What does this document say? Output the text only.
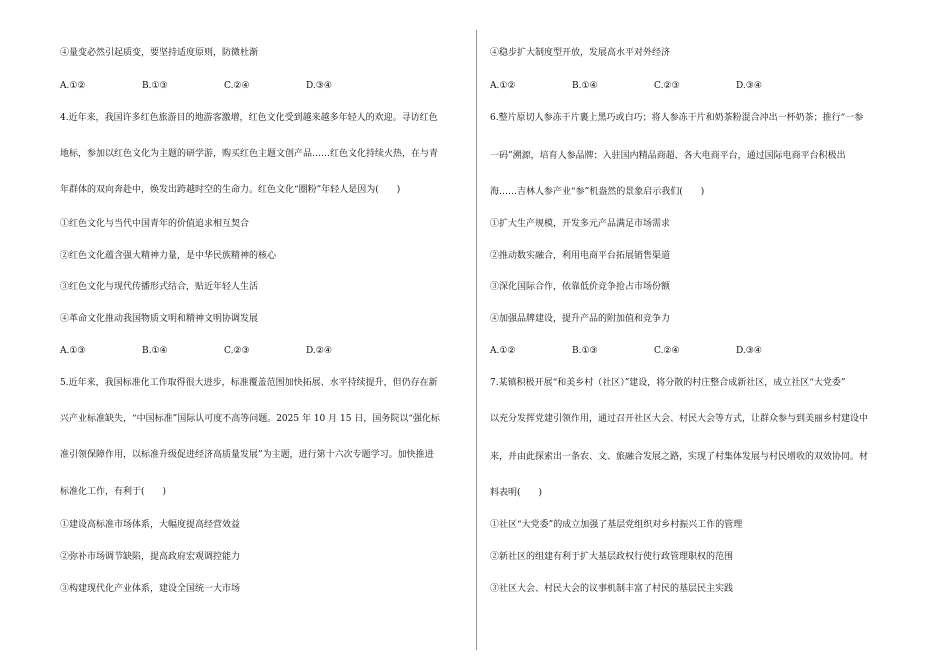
④量变必然引起质变，要坚持适度原则，防微杜渐
A.①②	B.①③	C.②④	D.③④
4.近年来，我国许多红色旅游目的地游客激增，红色文化受到越来越多年轻人的欢迎。寻访红色
地标，参加以红色文化为主题的研学游，购买红色主题文创产品……红色文化持续火热，在与青
年群体的双向奔赴中，焕发出跨越时空的生命力。红色文化“圈粉”年轻人是因为(　　)
①红色文化与当代中国青年的价值追求相互契合
②红色文化蕴含强大精神力量，是中华民族精神的核心
③红色文化与现代传播形式结合，贴近年轻人生活
④革命文化推动我国物质文明和精神文明协调发展
A.①③	B.①④	C.②③	D.②④
5.近年来，我国标准化工作取得很大进步，标准覆盖范围加快拓展、水平持续提升，但仍存在新
兴产业标准缺失，“中国标准”国际认可度不高等问题。2025 年 10 月 15 日，国务院以“强化标
准引领保障作用，以标准升级促进经济高质量发展”为主题，进行第十六次专题学习。加快推进
标准化工作，有利于(　　)
①建设高标准市场体系，大幅度提高经营效益
②弥补市场调节缺陷，提高政府宏观调控能力
③构建现代化产业体系，建设全国统一大市场
④稳步扩大制度型开放，发展高水平对外经济
A.①②	B.①④	C.②③	D.③④
6.整片原切人参冻干片裹上黑巧或白巧；将人参冻干片和奶茶粉混合冲出一杯奶茶；推行“一参
一码”溯源，培育人参品牌；入驻国内精品商超、各大电商平台，通过国际电商平台积极出
海……吉林人参产业“参”机盎然的景象启示我们(　　)
①扩大生产规模，开发多元产品满足市场需求
②推动数实融合，利用电商平台拓展销售渠道
③深化国际合作，依靠低价竞争抢占市场份额
④加强品牌建设，提升产品的附加值和竞争力
A.①②	B.①③	C.②④	D.③④
7.某镇积极开展“和美乡村（社区）”建设，将分散的村庄整合成新社区，成立社区“大党委”
以充分发挥党建引领作用，通过召开社区大会、村民大会等方式，让群众参与到美丽乡村建设中
来，并由此探索出一条农、文、旅融合发展之路，实现了村集体发展与村民增收的双效协同。材
料表明(　　)
①社区“大党委”的成立加强了基层党组织对乡村振兴工作的管理
②新社区的组建有利于扩大基层政权行使行政管理职权的范围
③社区大会、村民大会的议事机制丰富了村民的基层民主实践
